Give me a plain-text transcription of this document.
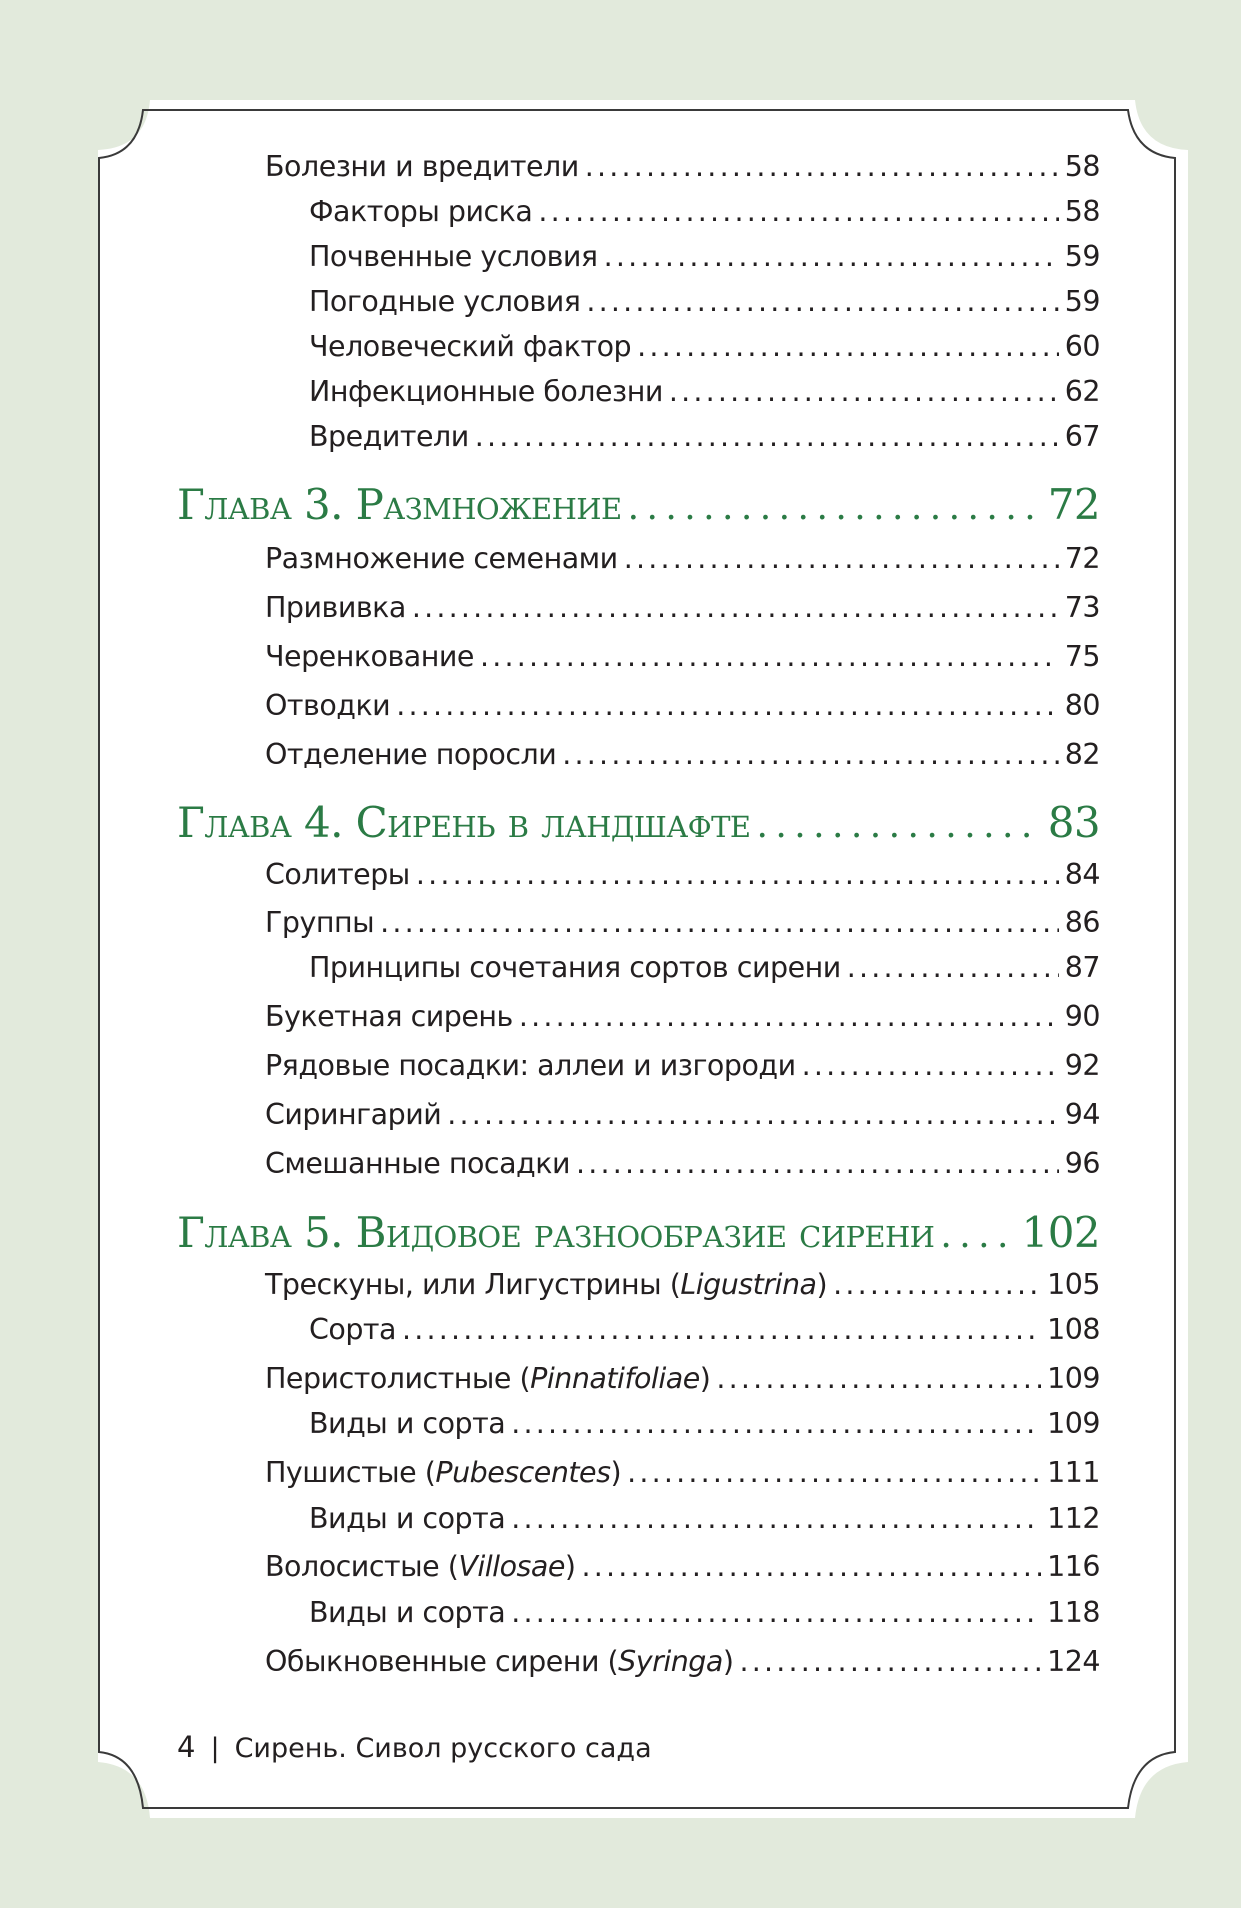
Болезни и вредители .....	58
Факторы риска .....	58
Почвенные условия .....	59
Погодные условия .....	59
Человеческий фактор .....	60
Инфекционные болезни .....	62
Вредители .....	67
Глава 3. Размножение . . .	72
Размножение семенами .....	72
Прививка .....	73
Черенкование .....	75
Отводки .....	80
Отделение поросли .....	82
Глава 4. Сирень в ландшафте . . .	83
Солитеры .....	84
Группы .....	86
Принципы сочетания сортов сирени .....	87
Букетная сирень .....	90
Рядовые посадки: аллеи и изгороди .....	92
Сирингарий .....	94
Смешанные посадки .....	96
Глава 5. Видовое разнообразие сирени . . . 102
Трескуны, или Лигустрины (Ligustrina) .....	105
Сорта .....	108
Перистолистные (Pinnatifoliae) .....	109
Виды и сорта .....	109
Пушистые (Pubescentes) .....	111
Виды и сорта .....	112
Волосистые (Villosae) .....	116
Виды и сорта .....	118
Обыкновенные сирени (Syringa) .....	124
4 | Сирень. Сивол русского сада
